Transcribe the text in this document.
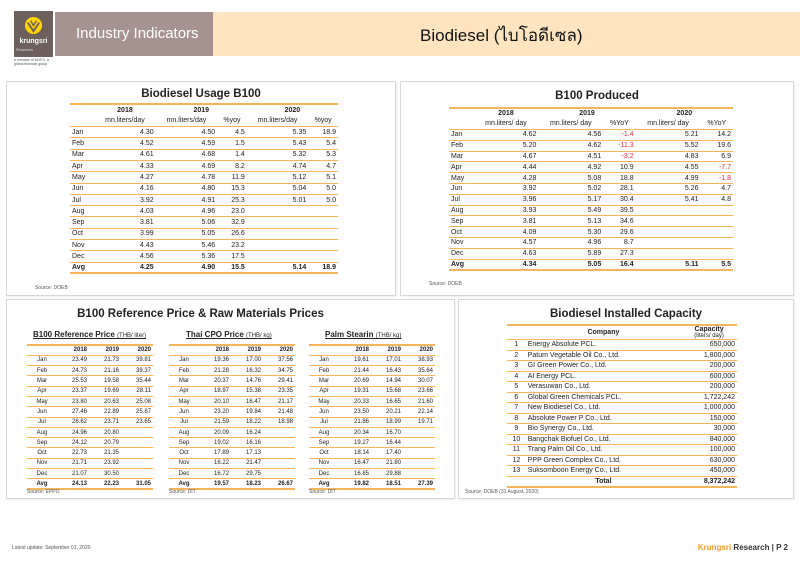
krungsri
Research
a member of MUFG, a global financial group
Industry Indicators	Biodiesel (ไบโอดีเซล)
Biodiesel Usage B100
	2018	2019		2020	
	mn.liters/day	mn.liters/day	%yoy	mn.liters/day	%yoy
Jan	4.30	4.50	4.5	5.35	18.9
Feb	4.52	4.59	1.5	5.43	5.4
Mar	4.61	4.68	1.4	5.32	5.3
Apr	4.33	4.69	8.2	4.74	4.7
May	4.27	4.78	11.9	5.12	5.1
Jun	4.16	4.80	15.3	5.04	5.0
Jul	3.92	4.91	25.3	5.01	5.0
Aug	4.03	4.96	23.0		
Sep	3.81	5.06	32.9		
Oct	3.99	5.05	26.6		
Nov	4.43	5.46	23.2		
Dec	4.56	5.36	17.5		
Avg	4.25	4.90	15.5	5.14	18.9
Source: DOEB
B100 Produced
	2018	2019		2020	
	mn.liters/ day	mn.liters/ day	%YoY	mn.liters/ day	%YoY
Jan	4.62	4.56	-1.4	5.21	14.2
Feb	5.20	4.62	-11.3	5.52	19.6
Mar	4.67	4.51	-3.2	4.83	6.9
Apr	4.44	4.92	10.9	4.55	-7.7
May	4.28	5.08	18.8	4.99	-1.8
Jun	3.92	5.02	28.1	5.26	4.7
Jul	3.96	5.17	30.4	5.41	4.8
Aug	3.93	5.49	39.5		
Sep	3.81	5.13	34.6		
Oct	4.09	5.30	29.6		
Nov	4.57	4.96	8.7		
Dec	4.63	5.89	27.3		
Avg	4.34	5.05	16.4	5.11	5.5
Source: DOEB
B100 Reference Price & Raw Materials Prices
B100 Reference Price (THB/ liter)	Thai CPO Price (THB/ kg)	Palm Stearin (THB/ kg)
	2018	2019	2020
Jan	23.49	21.73	39.81
Feb	24.73	21.16	39.37
Mar	25.53	19.58	35.44
Apr	23.37	19.69	28.11
May	23.80	20.63	25.08
Jun	27.46	22.89	25.87
Jul	26.62	23.71	23.65
Aug	24.96	20.80	
Sep	24.12	20.79	
Oct	22.73	21.35	
Nov	21.71	23.92	
Dec	21.07	30.50	
Avg	24.13	22.23	31.05
	2018	2019	2020
Jan	19.36	17.00	37.56
Feb	21.28	16.32	34.75
Mar	20.37	14.76	29.41
Apr	18.97	15.38	23.35
May	20.10	16.47	21.17
Jun	23.20	19.84	21.48
Jul	21.59	18.22	18.98
Aug	20.09	16.24	
Sep	19.02	16.16	
Oct	17.89	17.13	
Nov	16.22	21.47	
Dec	16.72	29.75	
Avg	19.57	18.23	26.67
	2018	2019	2020
Jan	19.61	17.01	38.93
Feb	21.44	16.43	35.64
Mar	20.69	14.94	30.07
Apr	19.31	15.68	23.66
May	20.33	16.65	21.60
Jun	23.50	20.21	22.14
Jul	21.86	18.99	19.71
Aug	20.34	16.70	
Sep	19.27	16.44	
Oct	18.14	17.40	
Nov	16.47	21.80	
Dec	16.85	29.88	
Avg	19.82	18.51	27.39
Source: EPPO	Source: DIT	Source: DIT
Biodiesel Installed Capacity
	Company	Capacity
(liters/ day)

1	Energy Absolute PCL.	650,000
2	Patum Vegetable Oil Co., Ltd.	1,800,000
3	GI Green Power Co., Ltd.	200,000
4	AI Energy PCL.	600,000
5	Verasuwan Co., Ltd.	200,000
6	Global Green Chemicals PCL.	1,722,242
7	New Biodiesel Co., Ltd.	1,000,000
8	Absolute Power P Co., Ltd.	150,000
9	Bio Synergy Co., Ltd.	30,000
10	Bangchak Biofuel Co., Ltd.	840,000
11	Trang Palm Oil Co., Ltd.	100,000
12	PPP Green Complex Co., Ltd.	630,000
13	Suksomboon Energy Co., Ltd.	450,000
	Total	8,372,242
Source: DOEB (31 August, 2020)
Latest update: September 01, 2020	Krungsri Research | P 2
